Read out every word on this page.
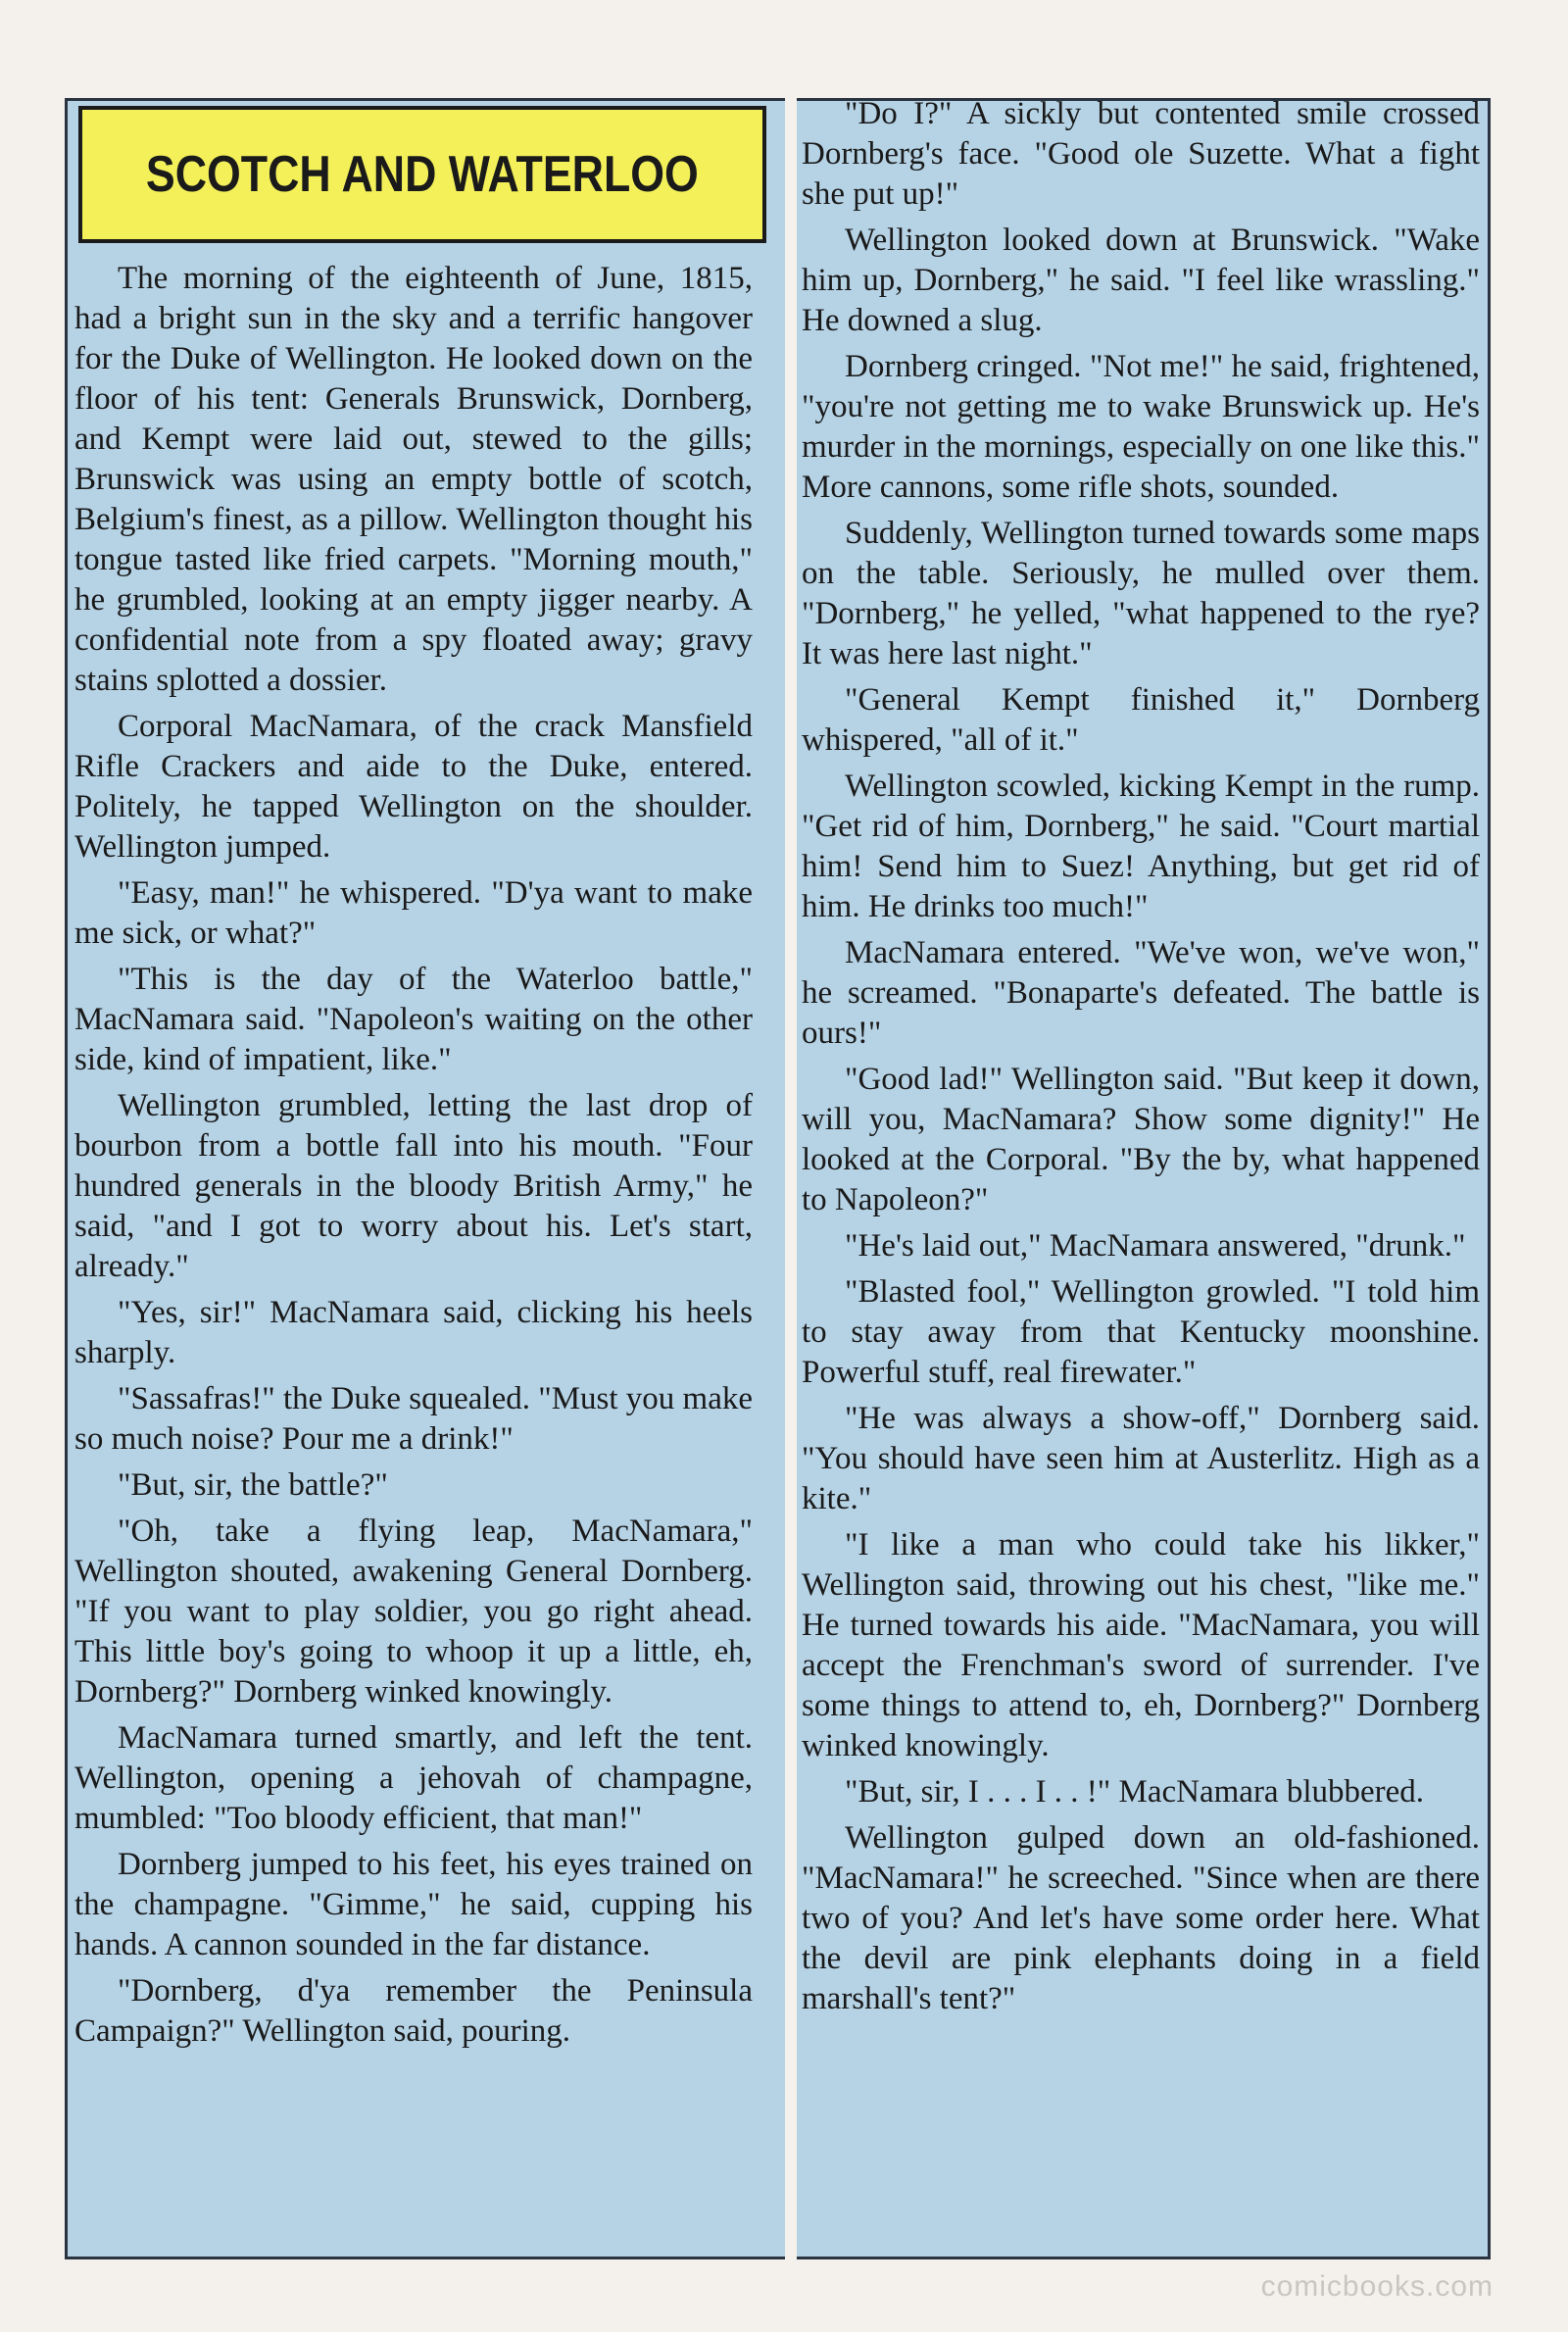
SCOTCH AND WATERLOO

The morning of the eighteenth of June, 1815, had a bright sun in the sky and a terrific hangover for the Duke of Wellington. He looked down on the floor of his tent: Generals Brunswick, Dornberg, and Kempt were laid out, stewed to the gills; Brunswick was using an empty bottle of scotch, Belgium's finest, as a pillow. Wellington thought his tongue tasted like fried carpets. "Morning mouth," he grumbled, looking at an empty jigger nearby. A confidential note from a spy floated away; gravy stains splotted a dossier.

Corporal MacNamara, of the crack Mansfield Rifle Crackers and aide to the Duke, entered. Politely, he tapped Wellington on the shoulder. Wellington jumped.

"Easy, man!" he whispered. "D'ya want to make me sick, or what?"

"This is the day of the Waterloo battle," MacNamara said. "Napoleon's waiting on the other side, kind of impatient, like."

Wellington grumbled, letting the last drop of bourbon from a bottle fall into his mouth. "Four hundred generals in the bloody British Army," he said, "and I got to worry about his. Let's start, already."

"Yes, sir!" MacNamara said, clicking his heels sharply.

"Sassafras!" the Duke squealed. "Must you make so much noise? Pour me a drink!"

"But, sir, the battle?"

"Oh, take a flying leap, MacNamara," Wellington shouted, awakening General Dornberg. "If you want to play soldier, you go right ahead. This little boy's going to whoop it up a little, eh, Dornberg?" Dornberg winked knowingly.

MacNamara turned smartly, and left the tent. Wellington, opening a jehovah of champagne, mumbled: "Too bloody efficient, that man!"

Dornberg jumped to his feet, his eyes trained on the champagne. "Gimme," he said, cupping his hands. A cannon sounded in the far distance.

"Dornberg, d'ya remember the Peninsula Campaign?" Wellington said, pouring.

"Do I?" A sickly but contented smile crossed Dornberg's face. "Good ole Suzette. What a fight she put up!"

Wellington looked down at Brunswick. "Wake him up, Dornberg," he said. "I feel like wrassling." He downed a slug.

Dornberg cringed. "Not me!" he said, frightened, "you're not getting me to wake Brunswick up. He's murder in the mornings, especially on one like this." More cannons, some rifle shots, sounded.

Suddenly, Wellington turned towards some maps on the table. Seriously, he mulled over them. "Dornberg," he yelled, "what happened to the rye? It was here last night."

"General Kempt finished it," Dornberg whispered, "all of it."

Wellington scowled, kicking Kempt in the rump. "Get rid of him, Dornberg," he said. "Court martial him! Send him to Suez! Anything, but get rid of him. He drinks too much!"

MacNamara entered. "We've won, we've won," he screamed. "Bonaparte's defeated. The battle is ours!"

"Good lad!" Wellington said. "But keep it down, will you, MacNamara? Show some dignity!" He looked at the Corporal. "By the by, what happened to Napoleon?"

"He's laid out," MacNamara answered, "drunk."

"Blasted fool," Wellington growled. "I told him to stay away from that Kentucky moonshine. Powerful stuff, real firewater."

"He was always a show-off," Dornberg said. "You should have seen him at Austerlitz. High as a kite."

"I like a man who could take his likker," Wellington said, throwing out his chest, "like me." He turned towards his aide. "MacNamara, you will accept the Frenchman's sword of surrender. I've some things to attend to, eh, Dornberg?" Dornberg winked knowingly.

"But, sir, I . . . I . . !" MacNamara blubbered.

Wellington gulped down an old-fashioned. "MacNamara!" he screeched. "Since when are there two of you? And let's have some order here. What the devil are pink elephants doing in a field marshall's tent?"

comicbooks.com
